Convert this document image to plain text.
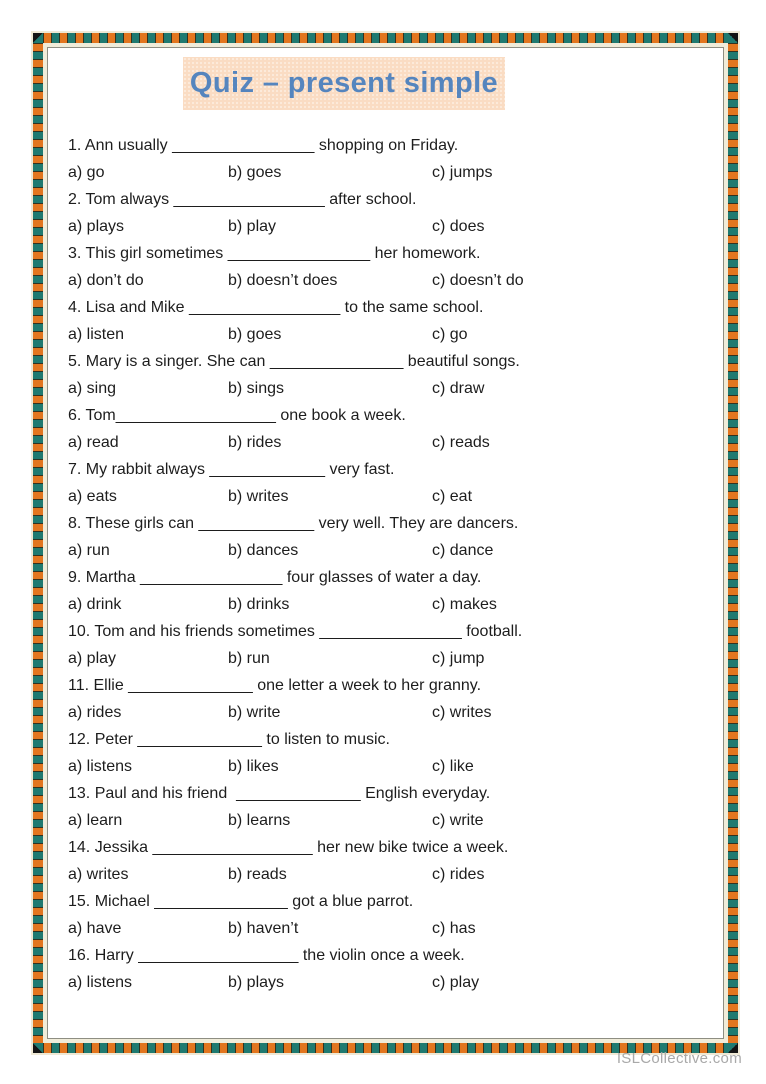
Quiz – present simple
1. Ann usually ________________ shopping on Friday.
a) go	b) goes	c) jumps
2. Tom always _________________ after school.
a) plays	b) play	c) does
3. This girl sometimes ________________ her homework.
a) don’t do	b) doesn’t does	c) doesn’t do
4. Lisa and Mike _________________ to the same school.
a) listen	b) goes	c) go
5. Mary is a singer. She can _______________ beautiful songs.
a) sing	b) sings	c) draw
6. Tom__________________ one book a week.
a) read	b) rides	c) reads
7. My rabbit always _____________ very fast.
a) eats	b) writes	c) eat
8. These girls can _____________ very well. They are dancers.
a) run	b) dances	c) dance
9. Martha ________________ four glasses of water a day.
a) drink	b) drinks	c) makes
10. Tom and his friends sometimes ________________ football.
a) play	b) run	c) jump
11. Ellie ______________ one letter a week to her granny.
a) rides	b) write	c) writes
12. Peter ______________ to listen to music.
a) listens	b) likes	c) like
13. Paul and his friend  ______________ English everyday.
a) learn	b) learns	c) write
14. Jessika __________________ her new bike twice a week.
a) writes	b) reads	c) rides
15. Michael _______________ got a blue parrot.
a) have	b) haven’t	c) has
16. Harry __________________ the violin once a week.
a) listens	b) plays	c) play
ISLCollective.com
